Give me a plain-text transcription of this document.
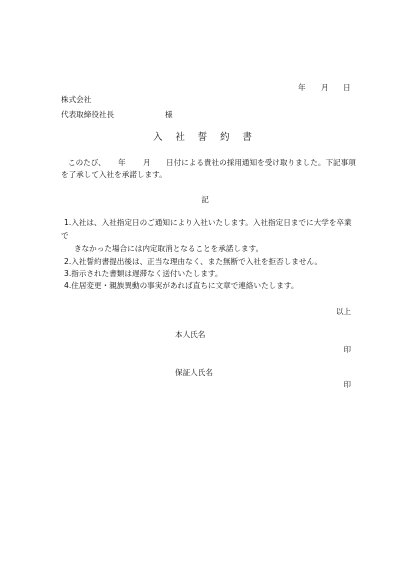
年 月 日
株式会社
代表取締役社長	様
入 社 誓 約 書
このたび、 年 月 日付による貴社の採用通知を受け取りました。下記事項
を了承して入社を承諾します。
記
1.入社は、入社指定日のご通知により入社いたします。入社指定日までに大学を卒業
で
きなかった場合には内定取消となることを承諾します。
2.入社誓約書提出後は、正当な理由なく、また無断で入社を拒否しません。
3.指示された書類は遅滞なく送付いたします。
4.住居変更・親族異動の事実があれば直ちに文章で連絡いたします。
以上
本人氏名
印
保証人氏名
印
